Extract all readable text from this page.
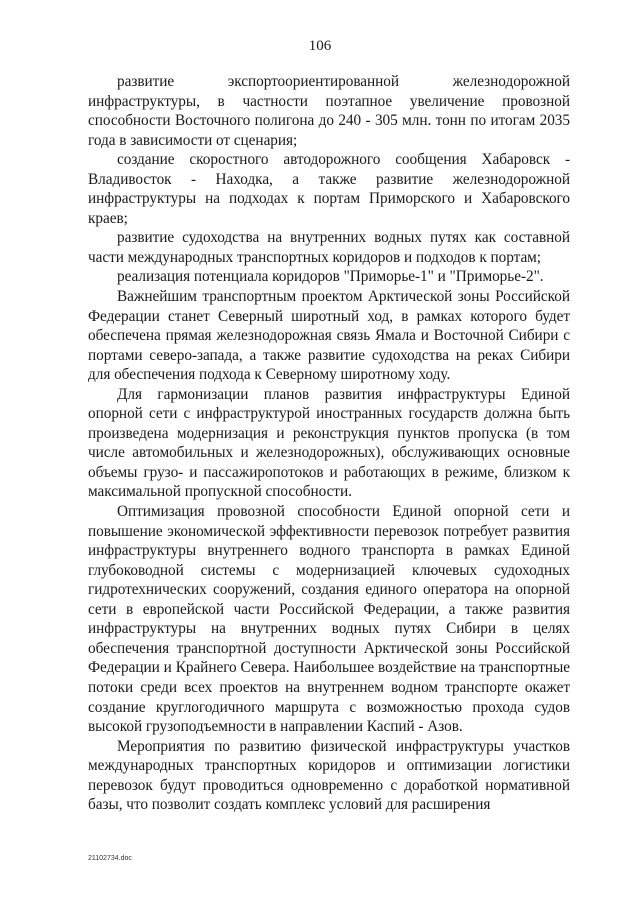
106

развитие экспортоориентированной железнодорожной инфраструктуры, в частности поэтапное увеличение провозной способности Восточного полигона до 240 - 305 млн. тонн по итогам 2035 года в зависимости от сценария;

создание скоростного автодорожного сообщения Хабаровск - Владивосток - Находка, а также развитие железнодорожной инфраструктуры на подходах к портам Приморского и Хабаровского краев;

развитие судоходства на внутренних водных путях как составной части международных транспортных коридоров и подходов к портам;

реализация потенциала коридоров "Приморье-1" и "Приморье-2".

Важнейшим транспортным проектом Арктической зоны Российской Федерации станет Северный широтный ход, в рамках которого будет обеспечена прямая железнодорожная связь Ямала и Восточной Сибири с портами северо-запада, а также развитие судоходства на реках Сибири для обеспечения подхода к Северному широтному ходу.

Для гармонизации планов развития инфраструктуры Единой опорной сети с инфраструктурой иностранных государств должна быть произведена модернизация и реконструкция пунктов пропуска (в том числе автомобильных и железнодорожных), обслуживающих основные объемы грузо- и пассажиропотоков и работающих в режиме, близком к максимальной пропускной способности.

Оптимизация провозной способности Единой опорной сети и повышение экономической эффективности перевозок потребует развития инфраструктуры внутреннего водного транспорта в рамках Единой глубоководной системы с модернизацией ключевых судоходных гидротехнических сооружений, создания единого оператора на опорной сети в европейской части Российской Федерации, а также развития инфраструктуры на внутренних водных путях Сибири в целях обеспечения транспортной доступности Арктической зоны Российской Федерации и Крайнего Севера. Наибольшее воздействие на транспортные потоки среди всех проектов на внутреннем водном транспорте окажет создание круглогодичного маршрута с возможностью прохода судов высокой грузоподъемности в направлении Каспий - Азов.

Мероприятия по развитию физической инфраструктуры участков международных транспортных коридоров и оптимизации логистики перевозок будут проводиться одновременно с доработкой нормативной базы, что позволит создать комплекс условий для расширения

21102734.doc
